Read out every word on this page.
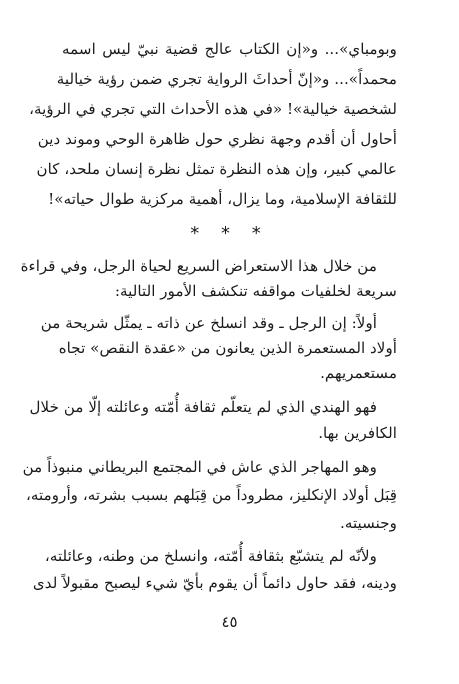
وبومباي»... و«إن الكتاب عالج قضية نبيّ ليس اسمه
محمداً»... و«إنّ أحداثَ الرواية تجري ضمن رؤية خيالية
لشخصية خيالية»! «في هذه الأحداث التي تجري في الرؤية،
أحاول أن أقدم وجهة نظري حول ظاهرة الوحي وموند دين
عالمي كبير، وإن هذه النظرة تمثل نظرة إنسان ملحد، كان
للثقافة الإسلامية، وما يزال، أهمية مركزية طوال حياته»!
* * *
من خلال هذا الاستعراض السريع لحياة الرجل، وفي قراءة
سريعة لخلفيات مواقفه تنكشف الأمور التالية:
أولاً: إن الرجل ـ وقد انسلخ عن ذاته ـ يمثّل شريحة من
أولاد المستعمرة الذين يعانون من «عقدة النقص» تجاه
مستعمريهم.
فهو الهندي الذي لم يتعلّم ثقافة أُمّته وعائلته إلّا من خلال
الكافرين بها.
وهو المهاجر الذي عاش في المجتمع البريطاني منبوذاً من
قِبَل أولاد الإنكليز، مطروداً من قِبَلهم بسبب بشرته، وأرومته،
وجنسيته.
ولأنّه لم يتشبّع بثقافة أُمّته، وانسلخ من وطنه، وعائلته،
ودينه، فقد حاول دائماً أن يقوم بأيّ شيء ليصبح مقبولاً لدى
٤٥
